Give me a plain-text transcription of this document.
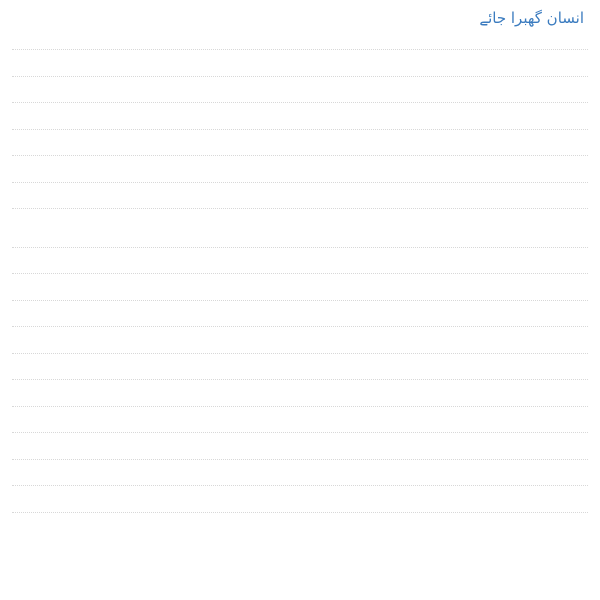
انسان گھبرا جائے
